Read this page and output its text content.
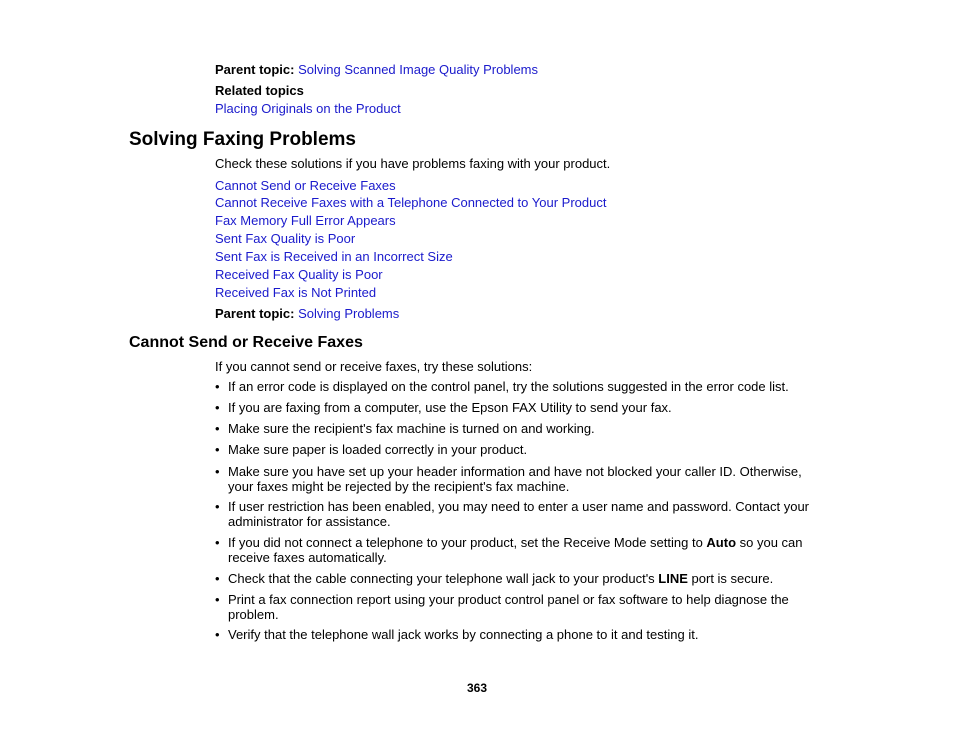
Parent topic: Solving Scanned Image Quality Problems
Related topics
Placing Originals on the Product
Solving Faxing Problems
Check these solutions if you have problems faxing with your product.
Cannot Send or Receive Faxes
Cannot Receive Faxes with a Telephone Connected to Your Product
Fax Memory Full Error Appears
Sent Fax Quality is Poor
Sent Fax is Received in an Incorrect Size
Received Fax Quality is Poor
Received Fax is Not Printed
Parent topic: Solving Problems
Cannot Send or Receive Faxes
If you cannot send or receive faxes, try these solutions:
• If an error code is displayed on the control panel, try the solutions suggested in the error code list.
• If you are faxing from a computer, use the Epson FAX Utility to send your fax.
• Make sure the recipient's fax machine is turned on and working.
• Make sure paper is loaded correctly in your product.
• Make sure you have set up your header information and have not blocked your caller ID. Otherwise, your faxes might be rejected by the recipient's fax machine.
• If user restriction has been enabled, you may need to enter a user name and password. Contact your administrator for assistance.
• If you did not connect a telephone to your product, set the Receive Mode setting to Auto so you can receive faxes automatically.
• Check that the cable connecting your telephone wall jack to your product's LINE port is secure.
• Print a fax connection report using your product control panel or fax software to help diagnose the problem.
• Verify that the telephone wall jack works by connecting a phone to it and testing it.
363
